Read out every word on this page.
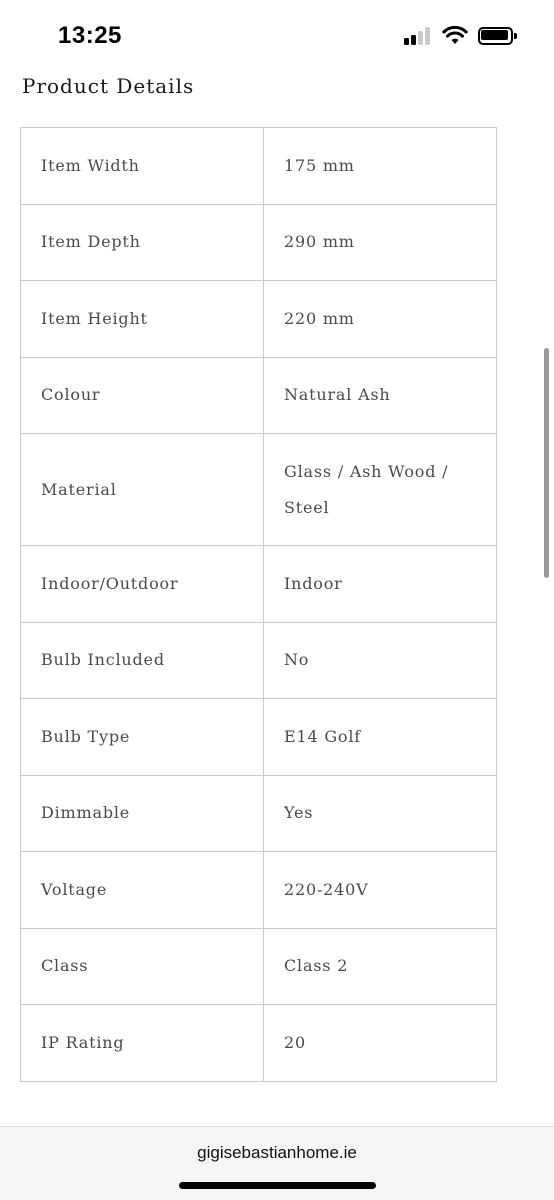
13:25
Product Details
Item Width	175 mm
Item Depth	290 mm
Item Height	220 mm
Colour	Natural Ash
Material	Glass / Ash Wood / Steel
Indoor/Outdoor	Indoor
Bulb Included	No
Bulb Type	E14 Golf
Dimmable	Yes
Voltage	220-240V
Class	Class 2
IP Rating	20
gigisebastianhome.ie
